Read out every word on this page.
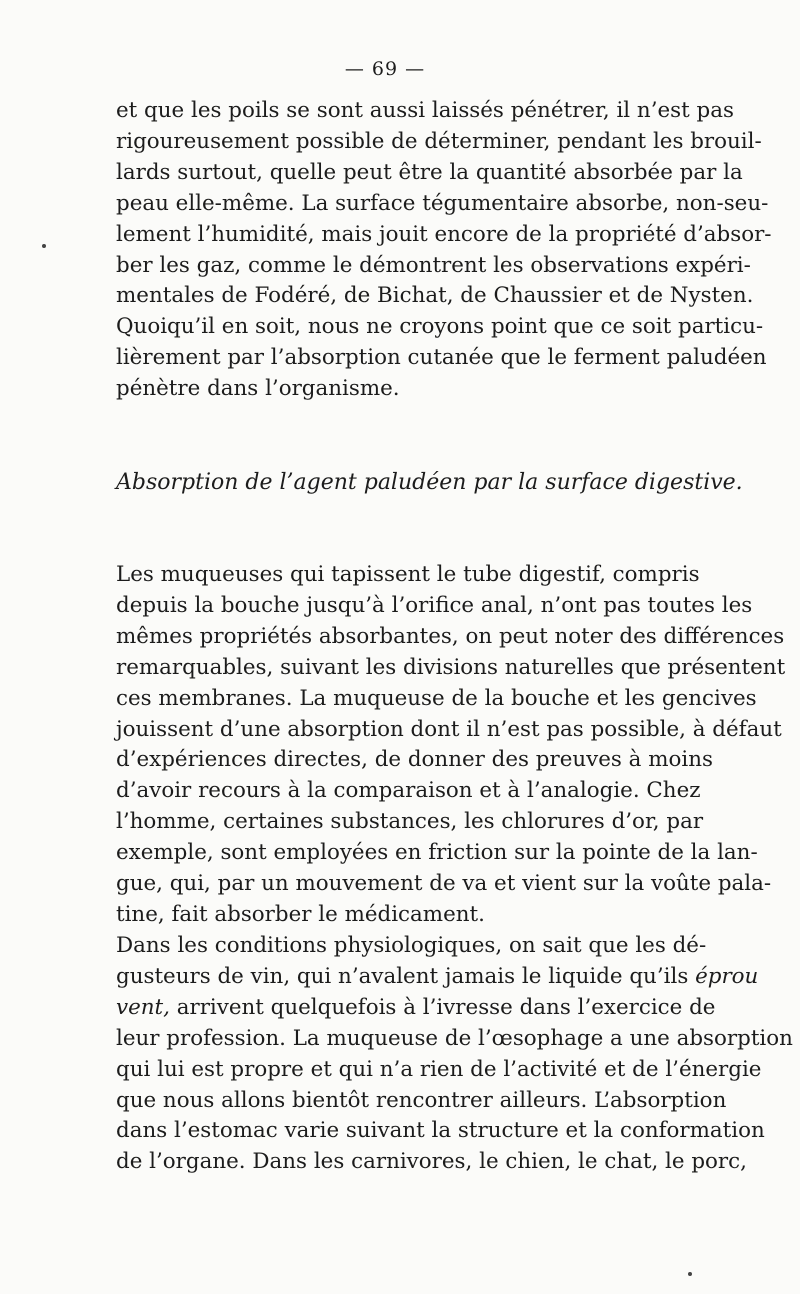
— 69 —
et que les poils se sont aussi laissés pénétrer, il n’est pas
rigoureusement possible de déterminer, pendant les brouil-
lards surtout, quelle peut être la quantité absorbée par la
peau elle-même. La surface tégumentaire absorbe, non-seu-
lement l’humidité, mais jouit encore de la propriété d’absor-
ber les gaz, comme le démontrent les observations expéri-
mentales de Fodéré, de Bichat, de Chaussier et de Nysten.
Quoiqu’il en soit, nous ne croyons point que ce soit particu-
lièrement par l’absorption cutanée que le ferment paludéen
pénètre dans l’organisme.
Absorption de l’agent paludéen par la surface digestive.
Les muqueuses qui tapissent le tube digestif, compris
depuis la bouche jusqu’à l’orifice anal, n’ont pas toutes les
mêmes propriétés absorbantes, on peut noter des différences
remarquables, suivant les divisions naturelles que présentent
ces membranes. La muqueuse de la bouche et les gencives
jouissent d’une absorption dont il n’est pas possible, à défaut
d’expériences directes, de donner des preuves à moins
d’avoir recours à la comparaison et à l’analogie. Chez
l’homme, certaines substances, les chlorures d’or, par
exemple, sont employées en friction sur la pointe de la lan-
gue, qui, par un mouvement de va et vient sur la voûte pala-
tine, fait absorber le médicament.
Dans les conditions physiologiques, on sait que les dé-
gusteurs de vin, qui n’avalent jamais le liquide qu’ils éprou
vent, arrivent quelquefois à l’ivresse dans l’exercice de
leur profession. La muqueuse de l’œsophage a une absorption
qui lui est propre et qui n’a rien de l’activité et de l’énergie
que nous allons bientôt rencontrer ailleurs. L’absorption
dans l’estomac varie suivant la structure et la conformation
de l’organe. Dans les carnivores, le chien, le chat, le porc,
